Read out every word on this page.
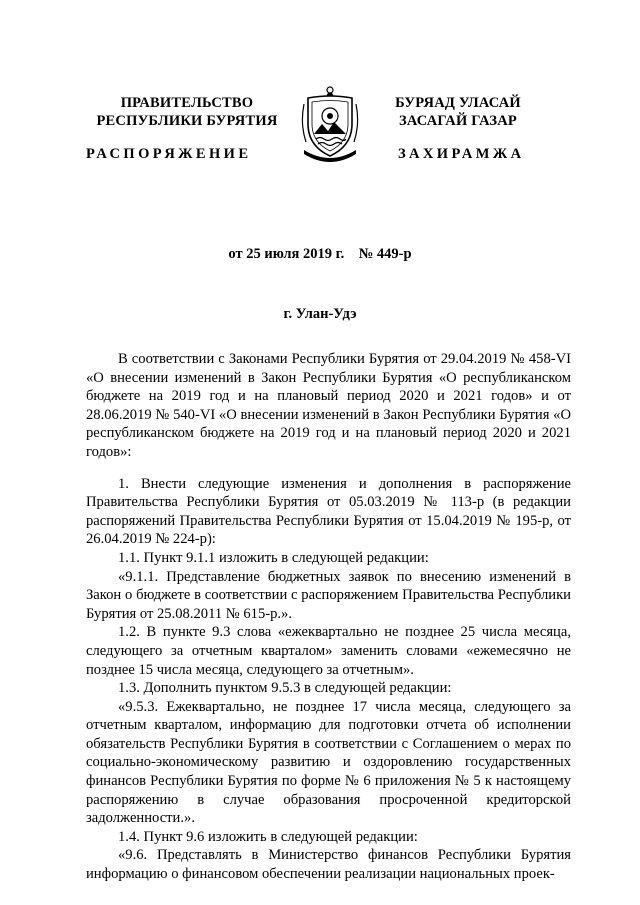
ПРАВИТЕЛЬСТВО
РЕСПУБЛИКИ БУРЯТИЯ
БУРЯАД УЛАСАЙ
ЗАСАГАЙ ГАЗАР
РАСПОРЯЖЕНИЕ	ЗАХИРАМЖА
от 25 июля 2019 г.    № 449-р
г. Улан-Удэ

В соответствии с Законами Республики Бурятия от 29.04.2019 № 458-VI «О внесении изменений в Закон Республики Бурятия «О республиканском бюджете на 2019 год и на плановый период 2020 и 2021 годов» и от 28.06.2019 № 540-VI «О внесении изменений в Закон Республики Бурятия «О республиканском бюджете на 2019 год и на плановый период 2020 и 2021 годов»:

1. Внести следующие изменения и дополнения в распоряжение Правительства Республики Бурятия от 05.03.2019 № 113-р (в редакции распоряжений Правительства Республики Бурятия от 15.04.2019 № 195-р, от 26.04.2019 № 224-р):

1.1. Пункт 9.1.1 изложить в следующей редакции:

«9.1.1. Представление бюджетных заявок по внесению изменений в Закон о бюджете в соответствии с распоряжением Правительства Республики Бурятия от 25.08.2011 № 615-р.».

1.2. В пункте 9.3 слова «ежеквартально не позднее 25 числа месяца, следующего за отчетным кварталом» заменить словами «ежемесячно не позднее 15 числа месяца, следующего за отчетным».

1.3. Дополнить пунктом 9.5.3 в следующей редакции:

«9.5.3. Ежеквартально, не позднее 17 числа месяца, следующего за отчетным кварталом, информацию для подготовки отчета об исполнении обязательств Республики Бурятия в соответствии с Соглашением о мерах по социально-экономическому развитию и оздоровлению государственных финансов Республики Бурятия по форме № 6 приложения № 5 к настоящему распоряжению в случае образования просроченной кредиторской задолженности.».

1.4. Пункт 9.6 изложить в следующей редакции:

«9.6. Представлять в Министерство финансов Республики Бурятия информацию о финансовом обеспечении реализации национальных проек-
